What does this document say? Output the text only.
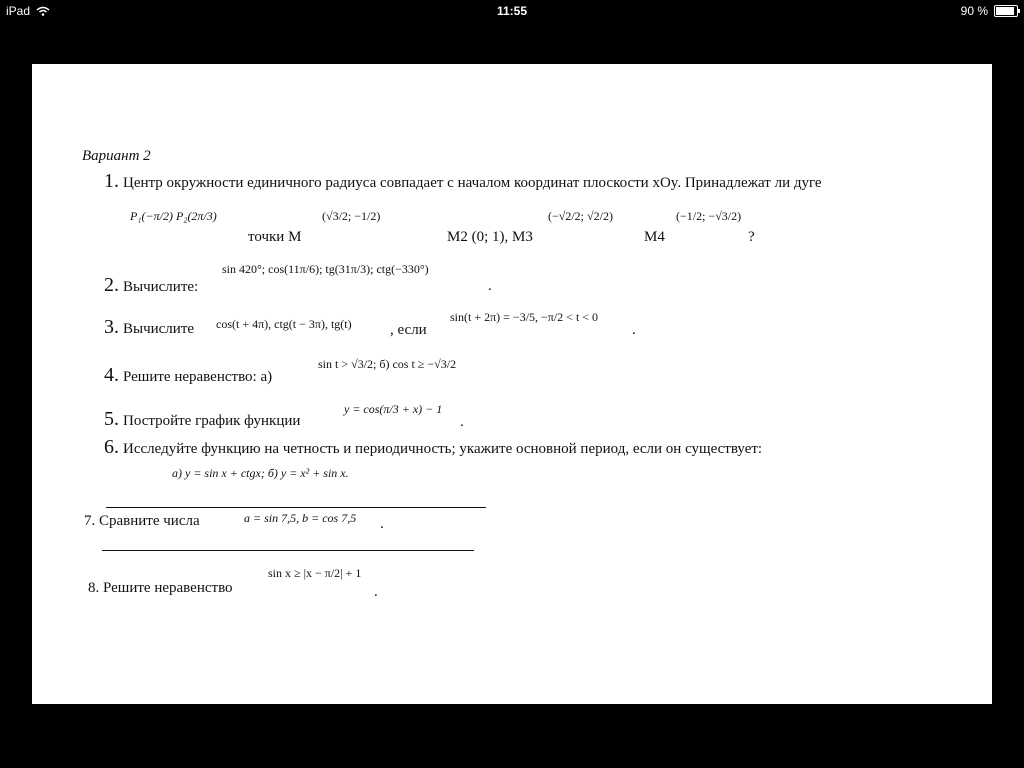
iPad	11:55	90 %
Вариант 2
1. Центр окружности единичного радиуса совпадает с началом координат плоскости xOy. Принадлежат ли дуге
P₁(−π/2) P₂(2π/3)
точки M
(√3/2; −1/2)
M2 (0; 1), M3
(−√2/2; √2/2)
M4
(−1/2; −√3/2)
?
2. Вычислите:
sin 420°; cos(11π/6); tg(31π/3); ctg(−330°)
.
3. Вычислите cos(t + 4π), ctg(t − 3π), tg(t)	, если
sin(t + 2π) = −3/5, −π/2 < t < 0
.
4. Решите неравенство: а)
sin t > √3/2; б) cos t ≥ −√3/2
5. Постройте график функции
y = cos(π/3 + x) − 1
.
6. Исследуйте функцию на четность и периодичность; укажите основной период, если он существует:
а) y = sin x + ctgx; б) y = x² + sin x.
7. Сравните числа	a = sin 7,5, b = cos 7,5 .
8. Решите неравенство
sin x ≥ |x − π/2| + 1
.
